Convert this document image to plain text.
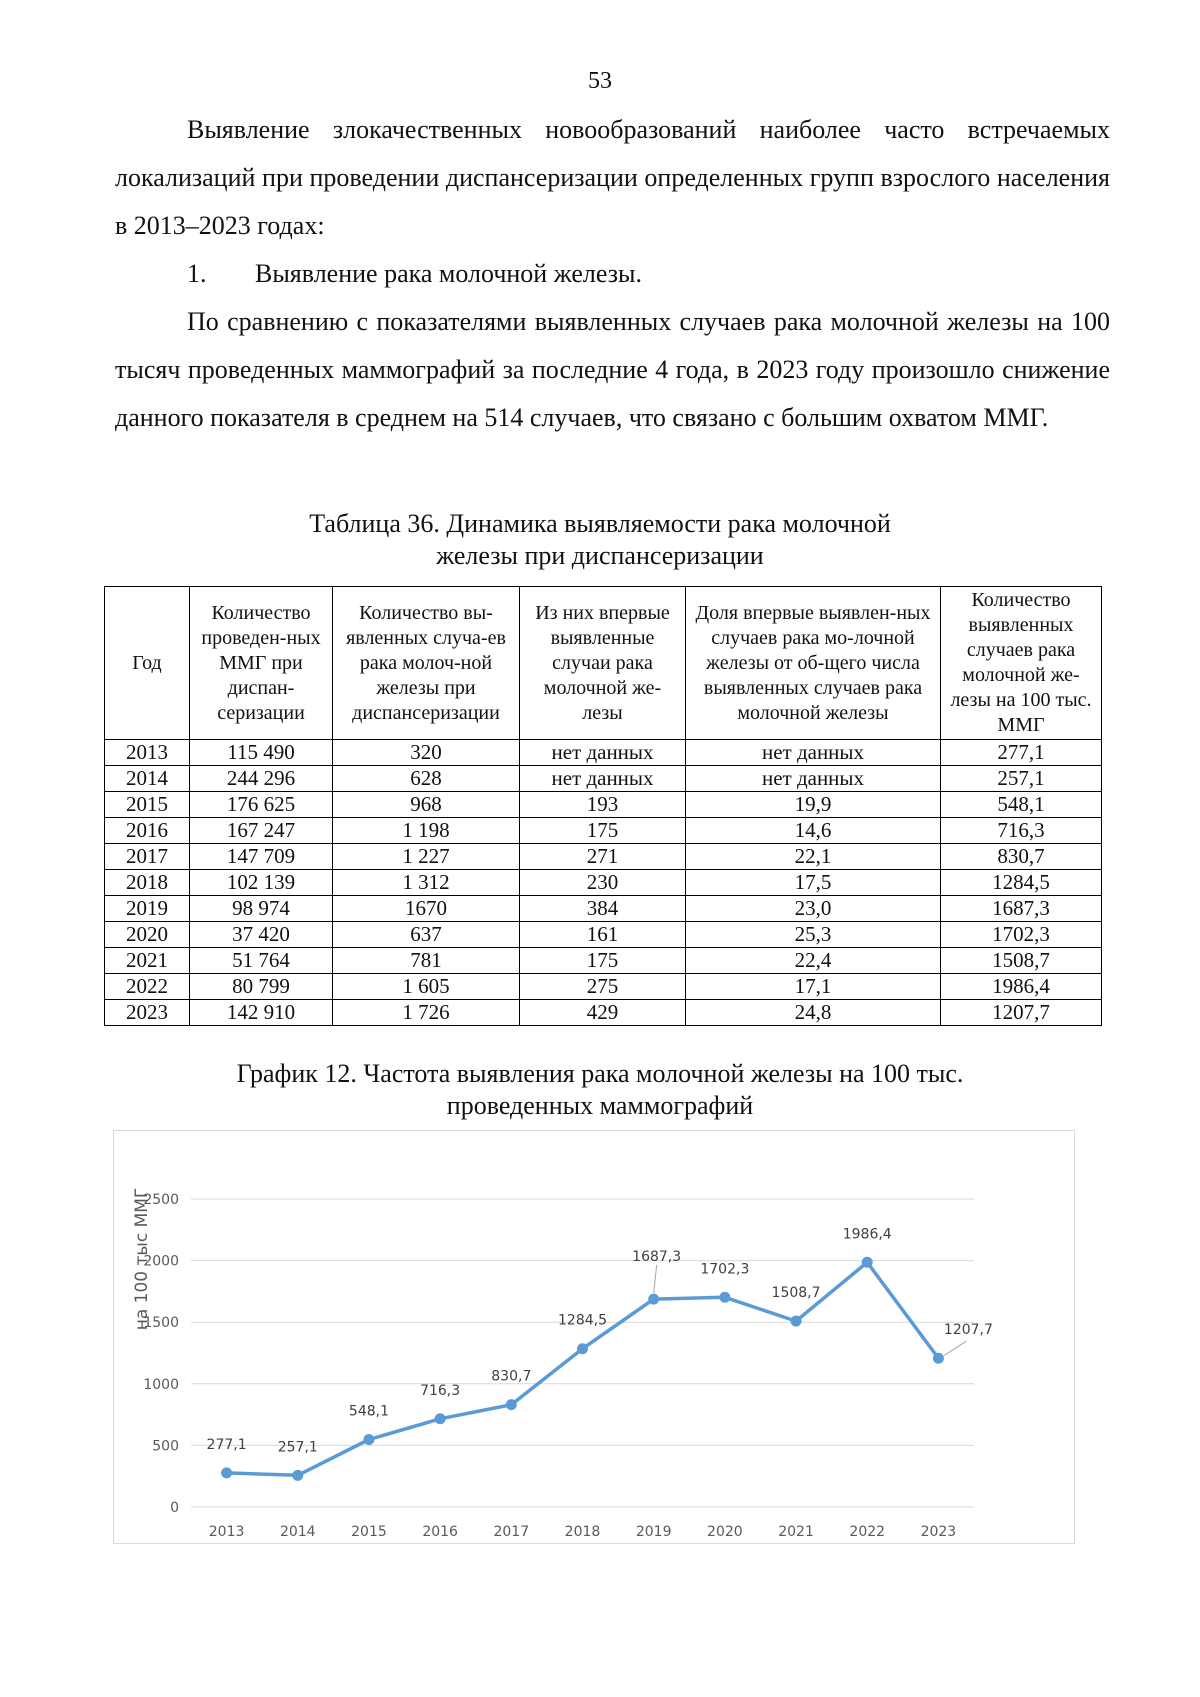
53

Выявление злокачественных новообразований наиболее часто встречаемых локализаций при проведении диспансеризации определенных групп взрослого населения в 2013–2023 годах:

1. Выявление рака молочной железы.

По сравнению с показателями выявленных случаев рака молочной железы на 100 тысяч проведенных маммографий за последние 4 года, в 2023 году произошло снижение данного показателя в среднем на 514 случаев, что связано с большим охватом ММГ.

Таблица 36. Динамика выявляемости рака молочной
железы при диспансеризации
Год	Количество проведен-ных ММГ при диспан-серизации	Количество вы-явленных случа-ев рака молоч-ной железы при диспансеризации	Из них впервые выявленные случаи рака молочной же-лезы	Доля впервые выявлен-ных случаев рака мо-лочной железы от об-щего числа выявленных случаев рака молочной железы	Количество выявленных случаев рака молочной же-лезы на 100 тыс. ММГ
2013	115 490	320	нет данных	нет данных	277,1
2014	244 296	628	нет данных	нет данных	257,1
2015	176 625	968	193	19,9	548,1
2016	167 247	1 198	175	14,6	716,3
2017	147 709	1 227	271	22,1	830,7
2018	102 139	1 312	230	17,5	1284,5
2019	98 974	1670	384	23,0	1687,3
2020	37 420	637	161	25,3	1702,3
2021	51 764	781	175	22,4	1508,7
2022	80 799	1 605	275	17,1	1986,4
2023	142 910	1 726	429	24,8	1207,7
График 12. Частота выявления рака молочной железы на 100 тыс.
проведенных маммографий
0
500
1000
1500
2000
2500
2013	2014	2015	2016	2017	2018	2019	2020	2021	2022	2023
277,1 257,1
548,1
716,3
830,7
1284,5
1687,3
1702,3
1508,7
1986,4
1207,7
на 100 тыс ММГ
